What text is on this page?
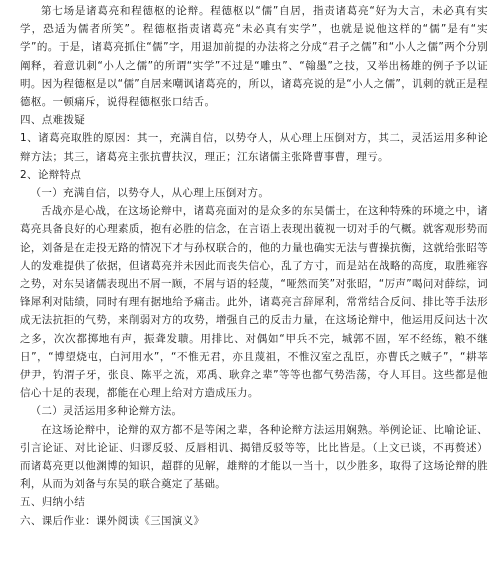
第七场是诸葛亮和程德枢的论辩。程德枢以“儒”自居，指责诸葛亮“好为大言，未必真有实学，恐适为儒者所笑”。程德枢指责诸葛亮“未必真有实学”，也就是说他这样的“儒”是有“实学”的。于是，诸葛亮抓住“儒”字，用退加前提的办法将之分成“君子之儒”和“小人之儒”两个分别阐释，着意讥刺“小人之儒”的所谓“实学”不过是“雕虫”、“翰墨”之技，又举出杨雄的例子予以证明。因为程德枢是以“儒”自居来嘲讽诸葛亮的，所以，诸葛亮说的是“小人之儒”，讥刺的就正是程德枢。一顿痛斥，说得程德枢张口结舌。

四、点难拨疑

1、诸葛亮取胜的原因：其一，充满自信，以势夺人，从心理上压倒对方，其二，灵活运用多种论辩方法；其三，诸葛亮主张抗曹扶汉，理正；江东诸儒主张降曹事曹，理亏。

2、论辩特点

（一）充满自信，以势夺人，从心理上压倒对方。

舌战亦是心战，在这场论辩中，诸葛亮面对的是众多的东吴儒士，在这种特殊的环境之中，诸葛亮具备良好的心理素质，抱有必胜的信念，在言语上表现出藐视一切对手的气概。就客观形势而论，刘备是在走投无路的情况下才与孙权联合的，他的力量也确实无法与曹操抗衡，这就给张昭等人的发难提供了依据，但诸葛亮并未因此而丧失信心，乱了方寸，而是站在战略的高度，取胜雍容之势，对东吴诸儒表现出不屑一顾，不屑与语的轻蔑，“哑然而笑”对张昭，“厉声”喝问对薛综，词锋犀利对陆绩，同时有理有据地给予痛击。此外，诸葛亮言辞犀利，常常结合反问、排比等手法形成无法抗拒的气势，来削弱对方的攻势，增强自己的反击力量，在这场论辩中，他运用反问达十次之多，次次都掷地有声，振聋发聩。用排比、对偶如“甲兵不完，城郭不固，军不经练，粮不继日”，“博望烧屯，白河用水”，“不惟无君，亦且蔑祖，不惟汉室之乱臣，亦曹氏之贼子”，“耕莘伊尹，钓渭子牙，张良、陈平之流，邓禹、耿弇之辈”等等也都气势浩荡，夺人耳目。这些都是他信心十足的表现，都能在心理上给对方造成压力。

（二）灵活运用多种论辩方法。

在这场论辩中，论辩的双方都不是等闲之辈，各种论辩方法运用娴熟。举例论证、比喻论证、引言论证、对比论证、归谬反驳、反唇相讥、揭错反驳等等，比比皆是。（上文已谈，不再赘述）而诸葛亮更以他渊博的知识，超群的见解，雄辩的才能以一当十，以少胜多，取得了这场论辩的胜利，从而为刘备与东吴的联合奠定了基础。

五、归纳小结

六、课后作业：课外阅读《三国演义》
